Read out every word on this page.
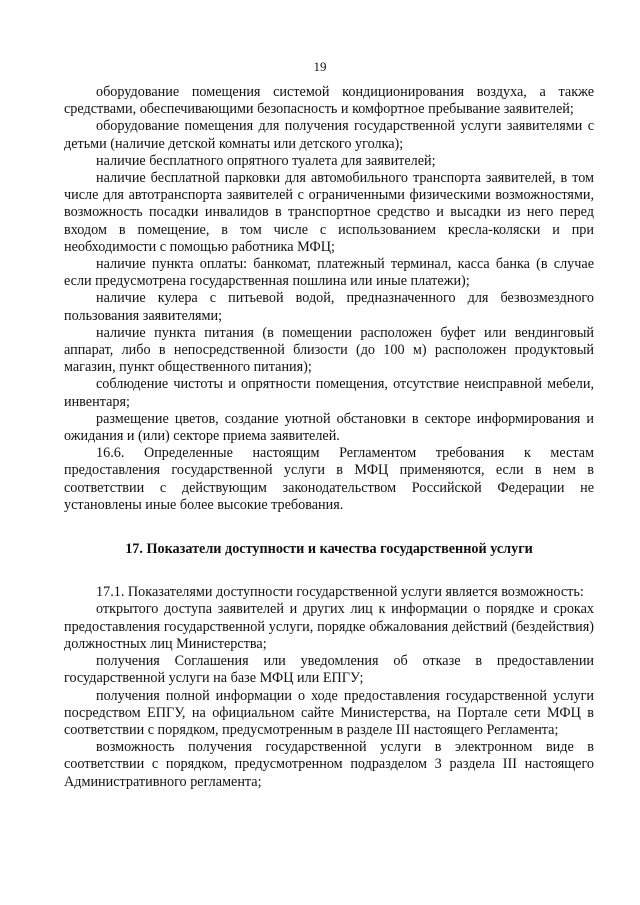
19

оборудование помещения системой кондиционирования воздуха, а также средствами, обеспечивающими безопасность и комфортное пребывание заявителей;

оборудование помещения для получения государственной услуги заявителями с детьми (наличие детской комнаты или детского уголка);

наличие бесплатного опрятного туалета для заявителей;

наличие бесплатной парковки для автомобильного транспорта заявителей, в том числе для автотранспорта заявителей с ограниченными физическими возможностями, возможность посадки инвалидов в транспортное средство и высадки из него перед входом в помещение, в том числе с использованием кресла-коляски и при необходимости с помощью работника МФЦ;

наличие пункта оплаты: банкомат, платежный терминал, касса банка (в случае если предусмотрена государственная пошлина или иные платежи);

наличие кулера с питьевой водой, предназначенного для безвозмездного пользования заявителями;

наличие пункта питания (в помещении расположен буфет или вендинговый аппарат, либо в непосредственной близости (до 100 м) расположен продуктовый магазин, пункт общественного питания);

соблюдение чистоты и опрятности помещения, отсутствие неисправной мебели, инвентаря;

размещение цветов, создание уютной обстановки в секторе информирования и ожидания и (или) секторе приема заявителей.

16.6. Определенные настоящим Регламентом требования к местам предоставления государственной услуги в МФЦ применяются, если в нем в соответствии с действующим законодательством Российской Федерации не установлены иные более высокие требования.

17. Показатели доступности и качества государственной услуги

17.1. Показателями доступности государственной услуги является возможность:

открытого доступа заявителей и других лиц к информации о порядке и сроках предоставления государственной услуги, порядке обжалования действий (бездействия) должностных лиц Министерства;

получения Соглашения или уведомления об отказе в предоставлении государственной услуги на базе МФЦ или ЕПГУ;

получения полной информации о ходе предоставления государственной услуги посредством ЕПГУ, на официальном сайте Министерства, на Портале сети МФЦ в соответствии с порядком, предусмотренным в разделе III настоящего Регламента;

возможность получения государственной услуги в электронном виде в соответствии с порядком, предусмотренном подразделом 3 раздела III настоящего Административного регламента;
